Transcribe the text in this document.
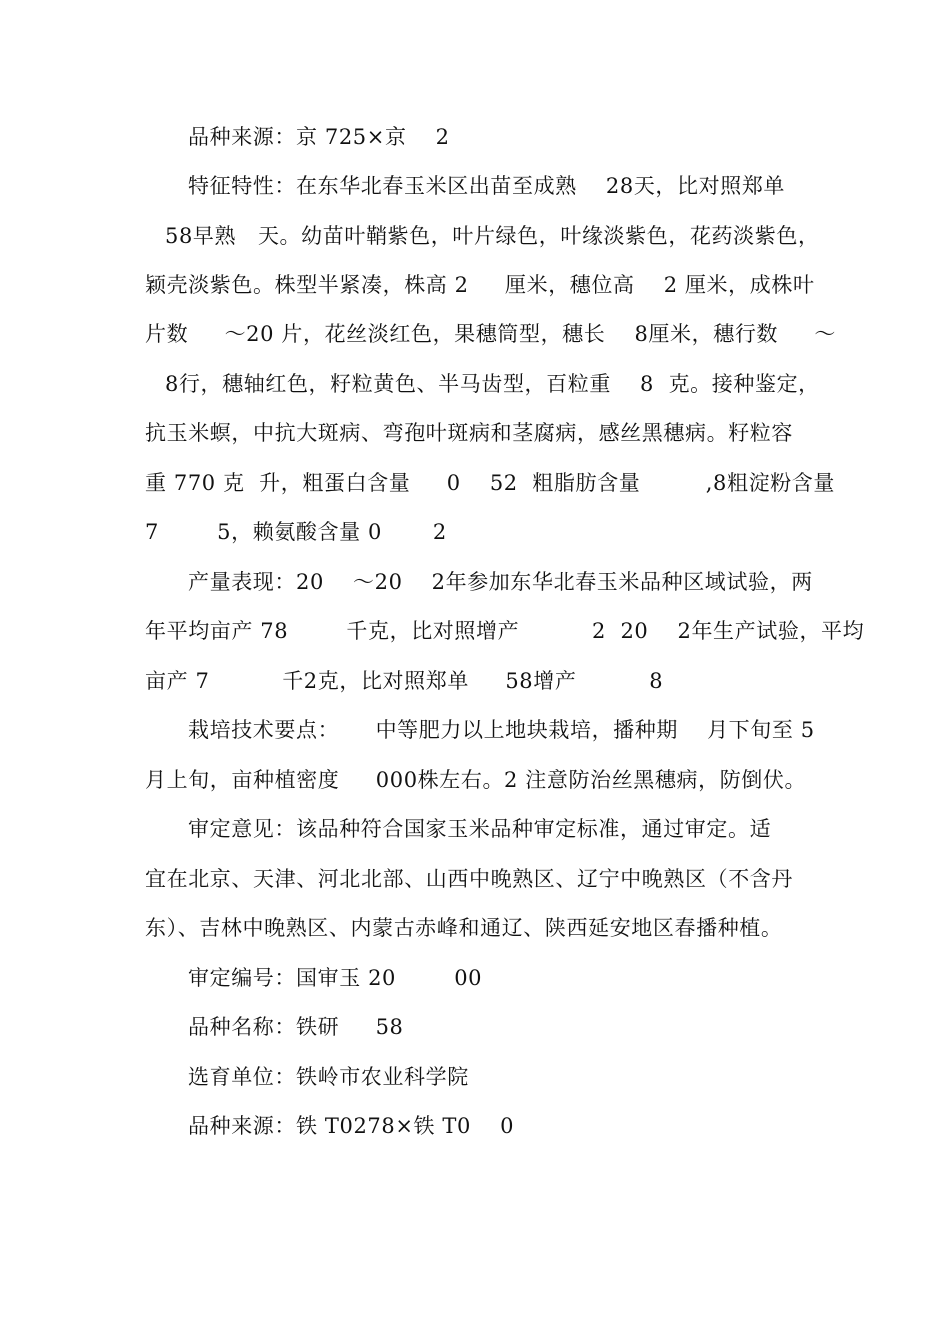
品种来源：京 725×京    2
特征特性：在东华北春玉米区出苗至成熟    28天，比对照郑单
58早熟   天。幼苗叶鞘紫色，叶片绿色，叶缘淡紫色，花药淡紫色，
颖壳淡紫色。株型半紧凑，株高 2     厘米，穗位高    2 厘米，成株叶
片数     ～20 片，花丝淡红色，果穗筒型，穗长    8厘米，穗行数     ～
8行，穗轴红色，籽粒黄色、半马齿型，百粒重    8  克。接种鉴定，
抗玉米螟，中抗大斑病、弯孢叶斑病和茎腐病，感丝黑穗病。籽粒容
重 770 克  升，粗蛋白含量     0    52  粗脂肪含量         ,8粗淀粉含量
7        5，赖氨酸含量 0       2
产量表现：20    ～20    2年参加东华北春玉米品种区域试验，两
年平均亩产 78        千克，比对照增产          2  20    2年生产试验，平均
亩产 7          千2克，比对照郑单     58增产          8
栽培技术要点：     中等肥力以上地块栽培，播种期    月下旬至 5
月上旬，亩种植密度     000株左右。2 注意防治丝黑穗病，防倒伏。
审定意见：该品种符合国家玉米品种审定标准，通过审定。适
宜在北京、天津、河北北部、山西中晚熟区、辽宁中晚熟区（不含丹
东）、吉林中晚熟区、内蒙古赤峰和通辽、陕西延安地区春播种植。
审定编号：国审玉 20        00
品种名称：铁研     58
选育单位：铁岭市农业科学院
品种来源：铁 T0278×铁 T0    0
